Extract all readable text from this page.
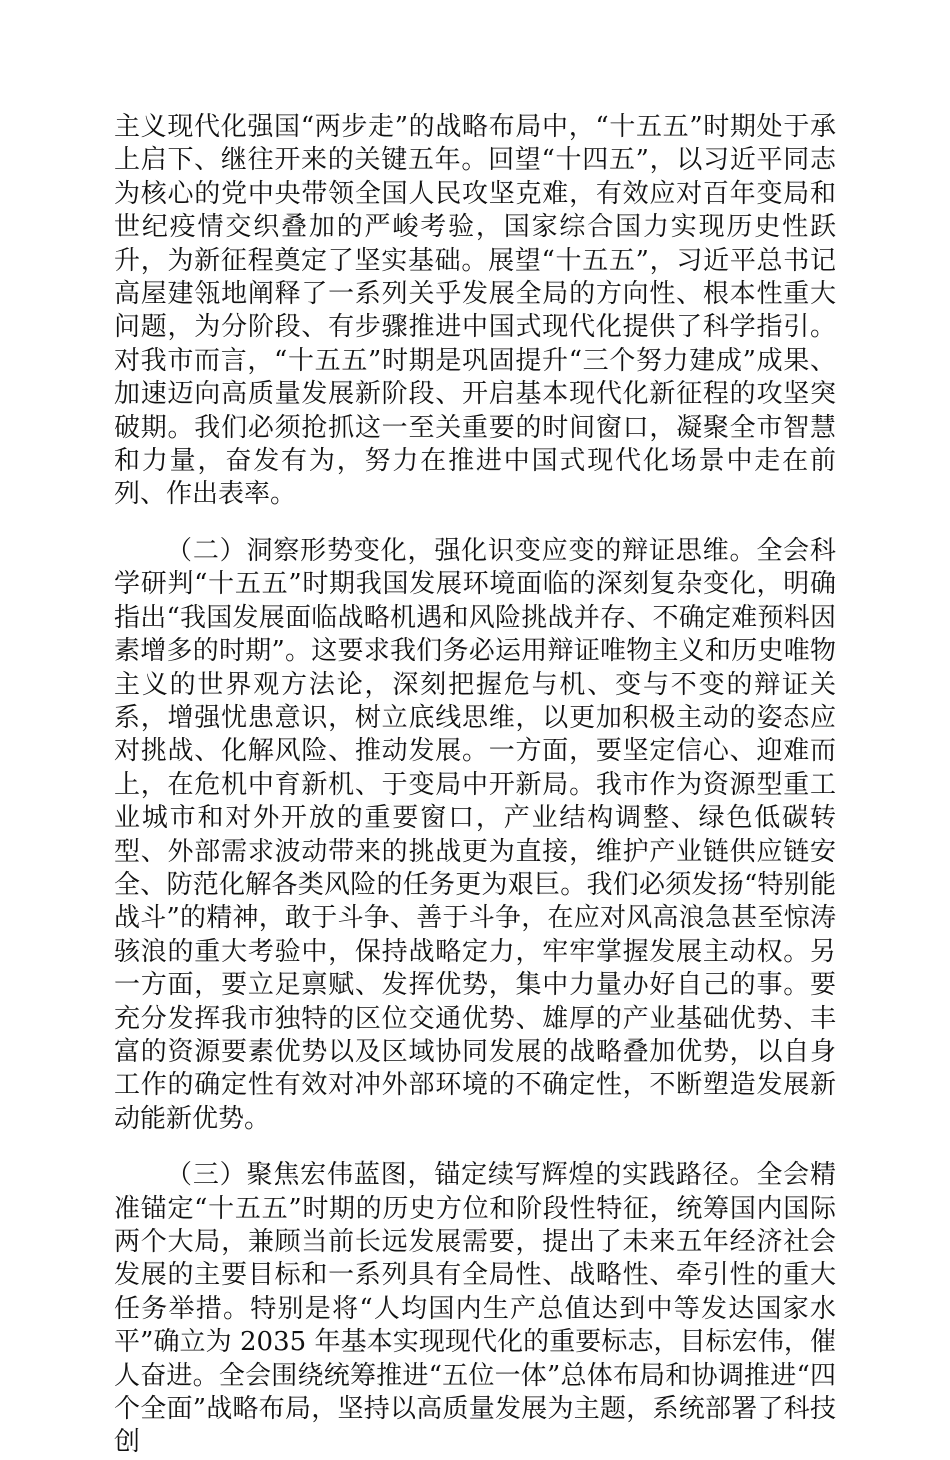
主义现代化强国“两步走”的战略布局中，“十五五”时期处于承上启下、继往开来的关键五年。回望“十四五”，以习近平同志为核心的党中央带领全国人民攻坚克难，有效应对百年变局和世纪疫情交织叠加的严峻考验，国家综合国力实现历史性跃升，为新征程奠定了坚实基础。展望“十五五”，习近平总书记高屋建瓴地阐释了一系列关乎发展全局的方向性、根本性重大问题，为分阶段、有步骤推进中国式现代化提供了科学指引。对我市而言，“十五五”时期是巩固提升“三个努力建成”成果、加速迈向高质量发展新阶段、开启基本现代化新征程的攻坚突破期。我们必须抢抓这一至关重要的时间窗口，凝聚全市智慧和力量，奋发有为，努力在推进中国式现代化场景中走在前列、作出表率。

（二）洞察形势变化，强化识变应变的辩证思维。全会科学研判“十五五”时期我国发展环境面临的深刻复杂变化，明确指出“我国发展面临战略机遇和风险挑战并存、不确定难预料因素增多的时期”。这要求我们务必运用辩证唯物主义和历史唯物主义的世界观方法论，深刻把握危与机、变与不变的辩证关系，增强忧患意识，树立底线思维，以更加积极主动的姿态应对挑战、化解风险、推动发展。一方面，要坚定信心、迎难而上，在危机中育新机、于变局中开新局。我市作为资源型重工业城市和对外开放的重要窗口，产业结构调整、绿色低碳转型、外部需求波动带来的挑战更为直接，维护产业链供应链安全、防范化解各类风险的任务更为艰巨。我们必须发扬“特别能战斗”的精神，敢于斗争、善于斗争，在应对风高浪急甚至惊涛骇浪的重大考验中，保持战略定力，牢牢掌握发展主动权。另一方面，要立足禀赋、发挥优势，集中力量办好自己的事。要充分发挥我市独特的区位交通优势、雄厚的产业基础优势、丰富的资源要素优势以及区域协同发展的战略叠加优势，以自身工作的确定性有效对冲外部环境的不确定性，不断塑造发展新动能新优势。

（三）聚焦宏伟蓝图，锚定续写辉煌的实践路径。全会精准锚定“十五五”时期的历史方位和阶段性特征，统筹国内国际两个大局，兼顾当前长远发展需要，提出了未来五年经济社会发展的主要目标和一系列具有全局性、战略性、牵引性的重大任务举措。特别是将“人均国内生产总值达到中等发达国家水平”确立为 2035 年基本实现现代化的重要标志，目标宏伟，催人奋进。全会围绕统筹推进“五位一体”总体布局和协调推进“四个全面”战略布局，坚持以高质量发展为主题，系统部署了科技创
